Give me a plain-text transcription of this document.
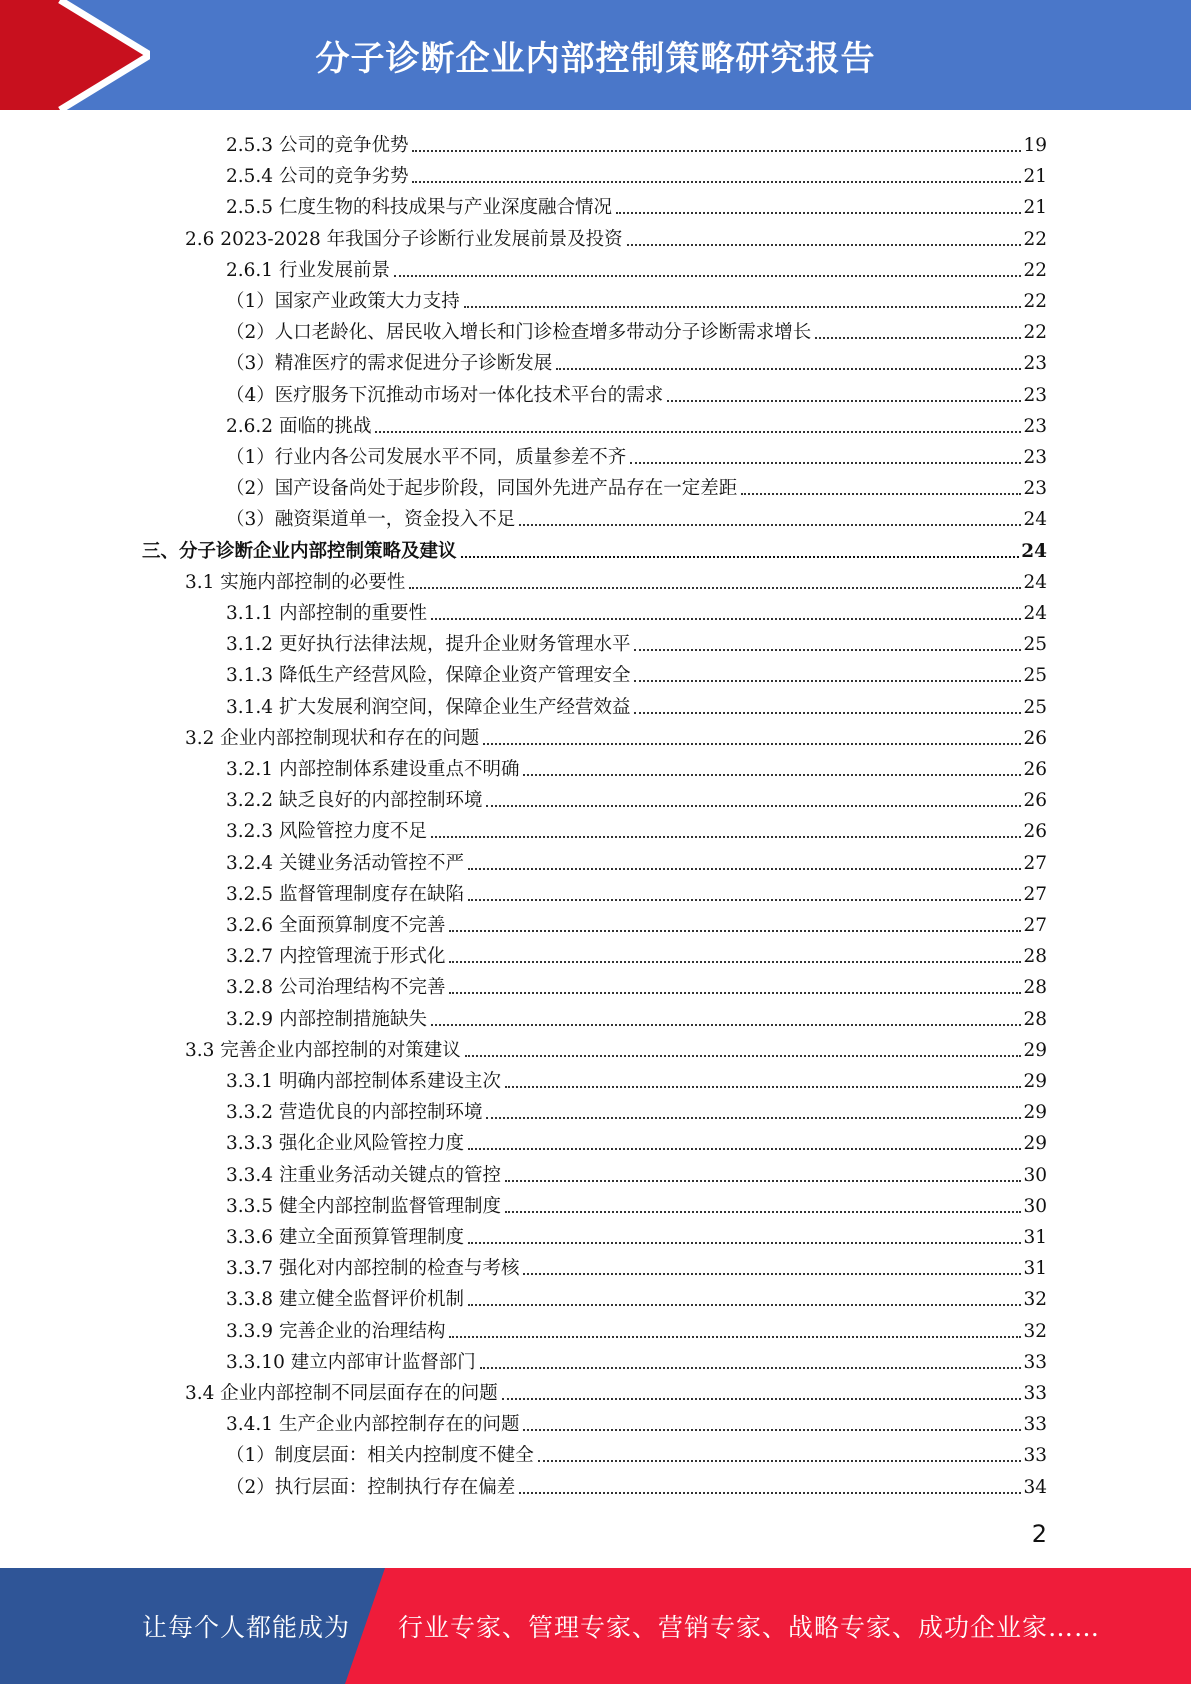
分子诊断企业内部控制策略研究报告
2.5.3 公司的竞争优势	19
2.5.4 公司的竞争劣势	21
2.5.5 仁度生物的科技成果与产业深度融合情况	21
2.6 2023-2028 年我国分子诊断行业发展前景及投资	22
2.6.1 行业发展前景	22
（1）国家产业政策大力支持	22
（2）人口老龄化、居民收入增长和门诊检查增多带动分子诊断需求增长	22
（3）精准医疗的需求促进分子诊断发展	23
（4）医疗服务下沉推动市场对一体化技术平台的需求	23
2.6.2 面临的挑战	23
（1）行业内各公司发展水平不同，质量参差不齐	23
（2）国产设备尚处于起步阶段，同国外先进产品存在一定差距	23
（3）融资渠道单一，资金投入不足	24
三、分子诊断企业内部控制策略及建议	24
3.1 实施内部控制的必要性	24
3.1.1 内部控制的重要性	24
3.1.2 更好执行法律法规，提升企业财务管理水平	25
3.1.3 降低生产经营风险，保障企业资产管理安全	25
3.1.4 扩大发展利润空间，保障企业生产经营效益	25
3.2 企业内部控制现状和存在的问题	26
3.2.1 内部控制体系建设重点不明确	26
3.2.2 缺乏良好的内部控制环境	26
3.2.3 风险管控力度不足	26
3.2.4 关键业务活动管控不严	27
3.2.5 监督管理制度存在缺陷	27
3.2.6 全面预算制度不完善	27
3.2.7 内控管理流于形式化	28
3.2.8 公司治理结构不完善	28
3.2.9 内部控制措施缺失	28
3.3 完善企业内部控制的对策建议	29
3.3.1 明确内部控制体系建设主次	29
3.3.2 营造优良的内部控制环境	29
3.3.3 强化企业风险管控力度	29
3.3.4 注重业务活动关键点的管控	30
3.3.5 健全内部控制监督管理制度	30
3.3.6 建立全面预算管理制度	31
3.3.7 强化对内部控制的检查与考核	31
3.3.8 建立健全监督评价机制	32
3.3.9 完善企业的治理结构	32
3.3.10 建立内部审计监督部门	33
3.4 企业内部控制不同层面存在的问题	33
3.4.1 生产企业内部控制存在的问题	33
（1）制度层面：相关内控制度不健全	33
（2）执行层面：控制执行存在偏差	34
2
让每个人都能成为 行业专家、管理专家、营销专家、战略专家、成功企业家……
